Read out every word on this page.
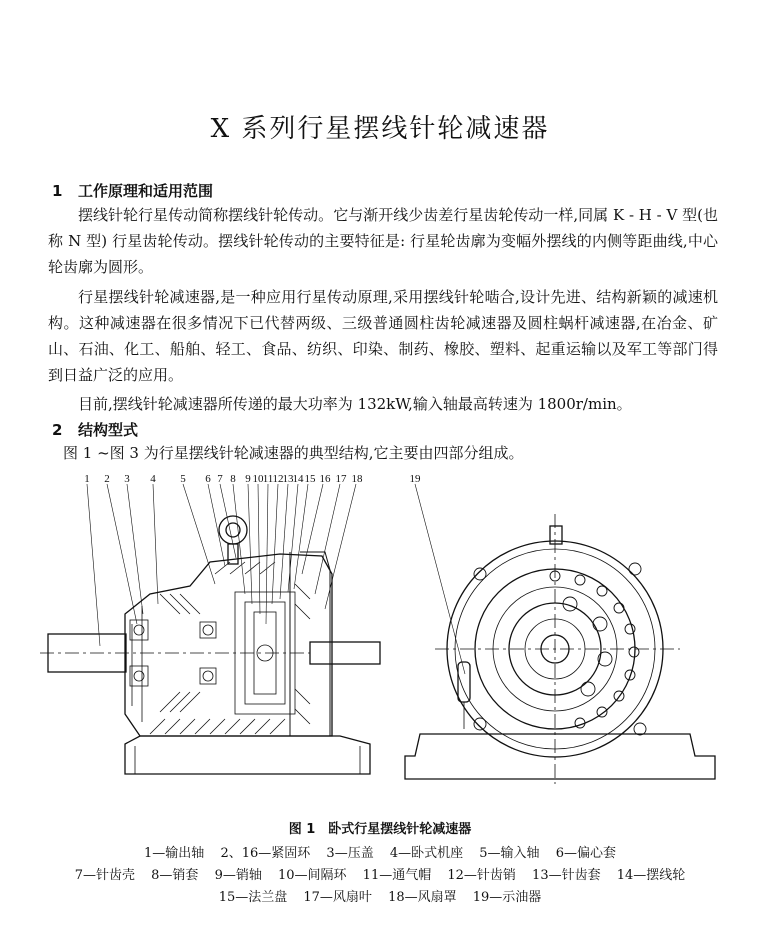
X 系列行星摆线针轮减速器
1 工作原理和适用范围
摆线针轮行星传动简称摆线针轮传动。它与渐开线少齿差行星齿轮传动一样,同属 K - H - V 型(也称 N 型) 行星齿轮传动。摆线针轮传动的主要特征是: 行星轮齿廓为变幅外摆线的内侧等距曲线,中心轮齿廓为圆形。
行星摆线针轮减速器,是一种应用行星传动原理,采用摆线针轮啮合,设计先进、结构新颖的减速机构。这种减速器在很多情况下已代替两级、三级普通圆柱齿轮减速器及圆柱蜗杆减速器,在冶金、矿山、石油、化工、船舶、轻工、食品、纺织、印染、制药、橡胶、塑料、起重运输以及军工等部门得到日益广泛的应用。
目前,摆线针轮减速器所传递的最大功率为 132kW,输入轴最高转速为 1800r/min。
2 结构型式
图 1 ~图 3 为行星摆线针轮减速器的典型结构,它主要由四部分组成。
1 2 3 4 5 6 7 8 9 10 11 12 13 14 15 16 17 18	19
图 1　卧式行星摆线针轮减速器
1—输出轴 2、16—紧固环 3—压盖 4—卧式机座 5—输入轴 6—偏心套
7—针齿壳 8—销套 9—销轴 10—间隔环 11—通气帽 12—针齿销 13—针齿套 14—摆线轮
15—法兰盘 17—风扇叶 18—风扇罩 19—示油器
